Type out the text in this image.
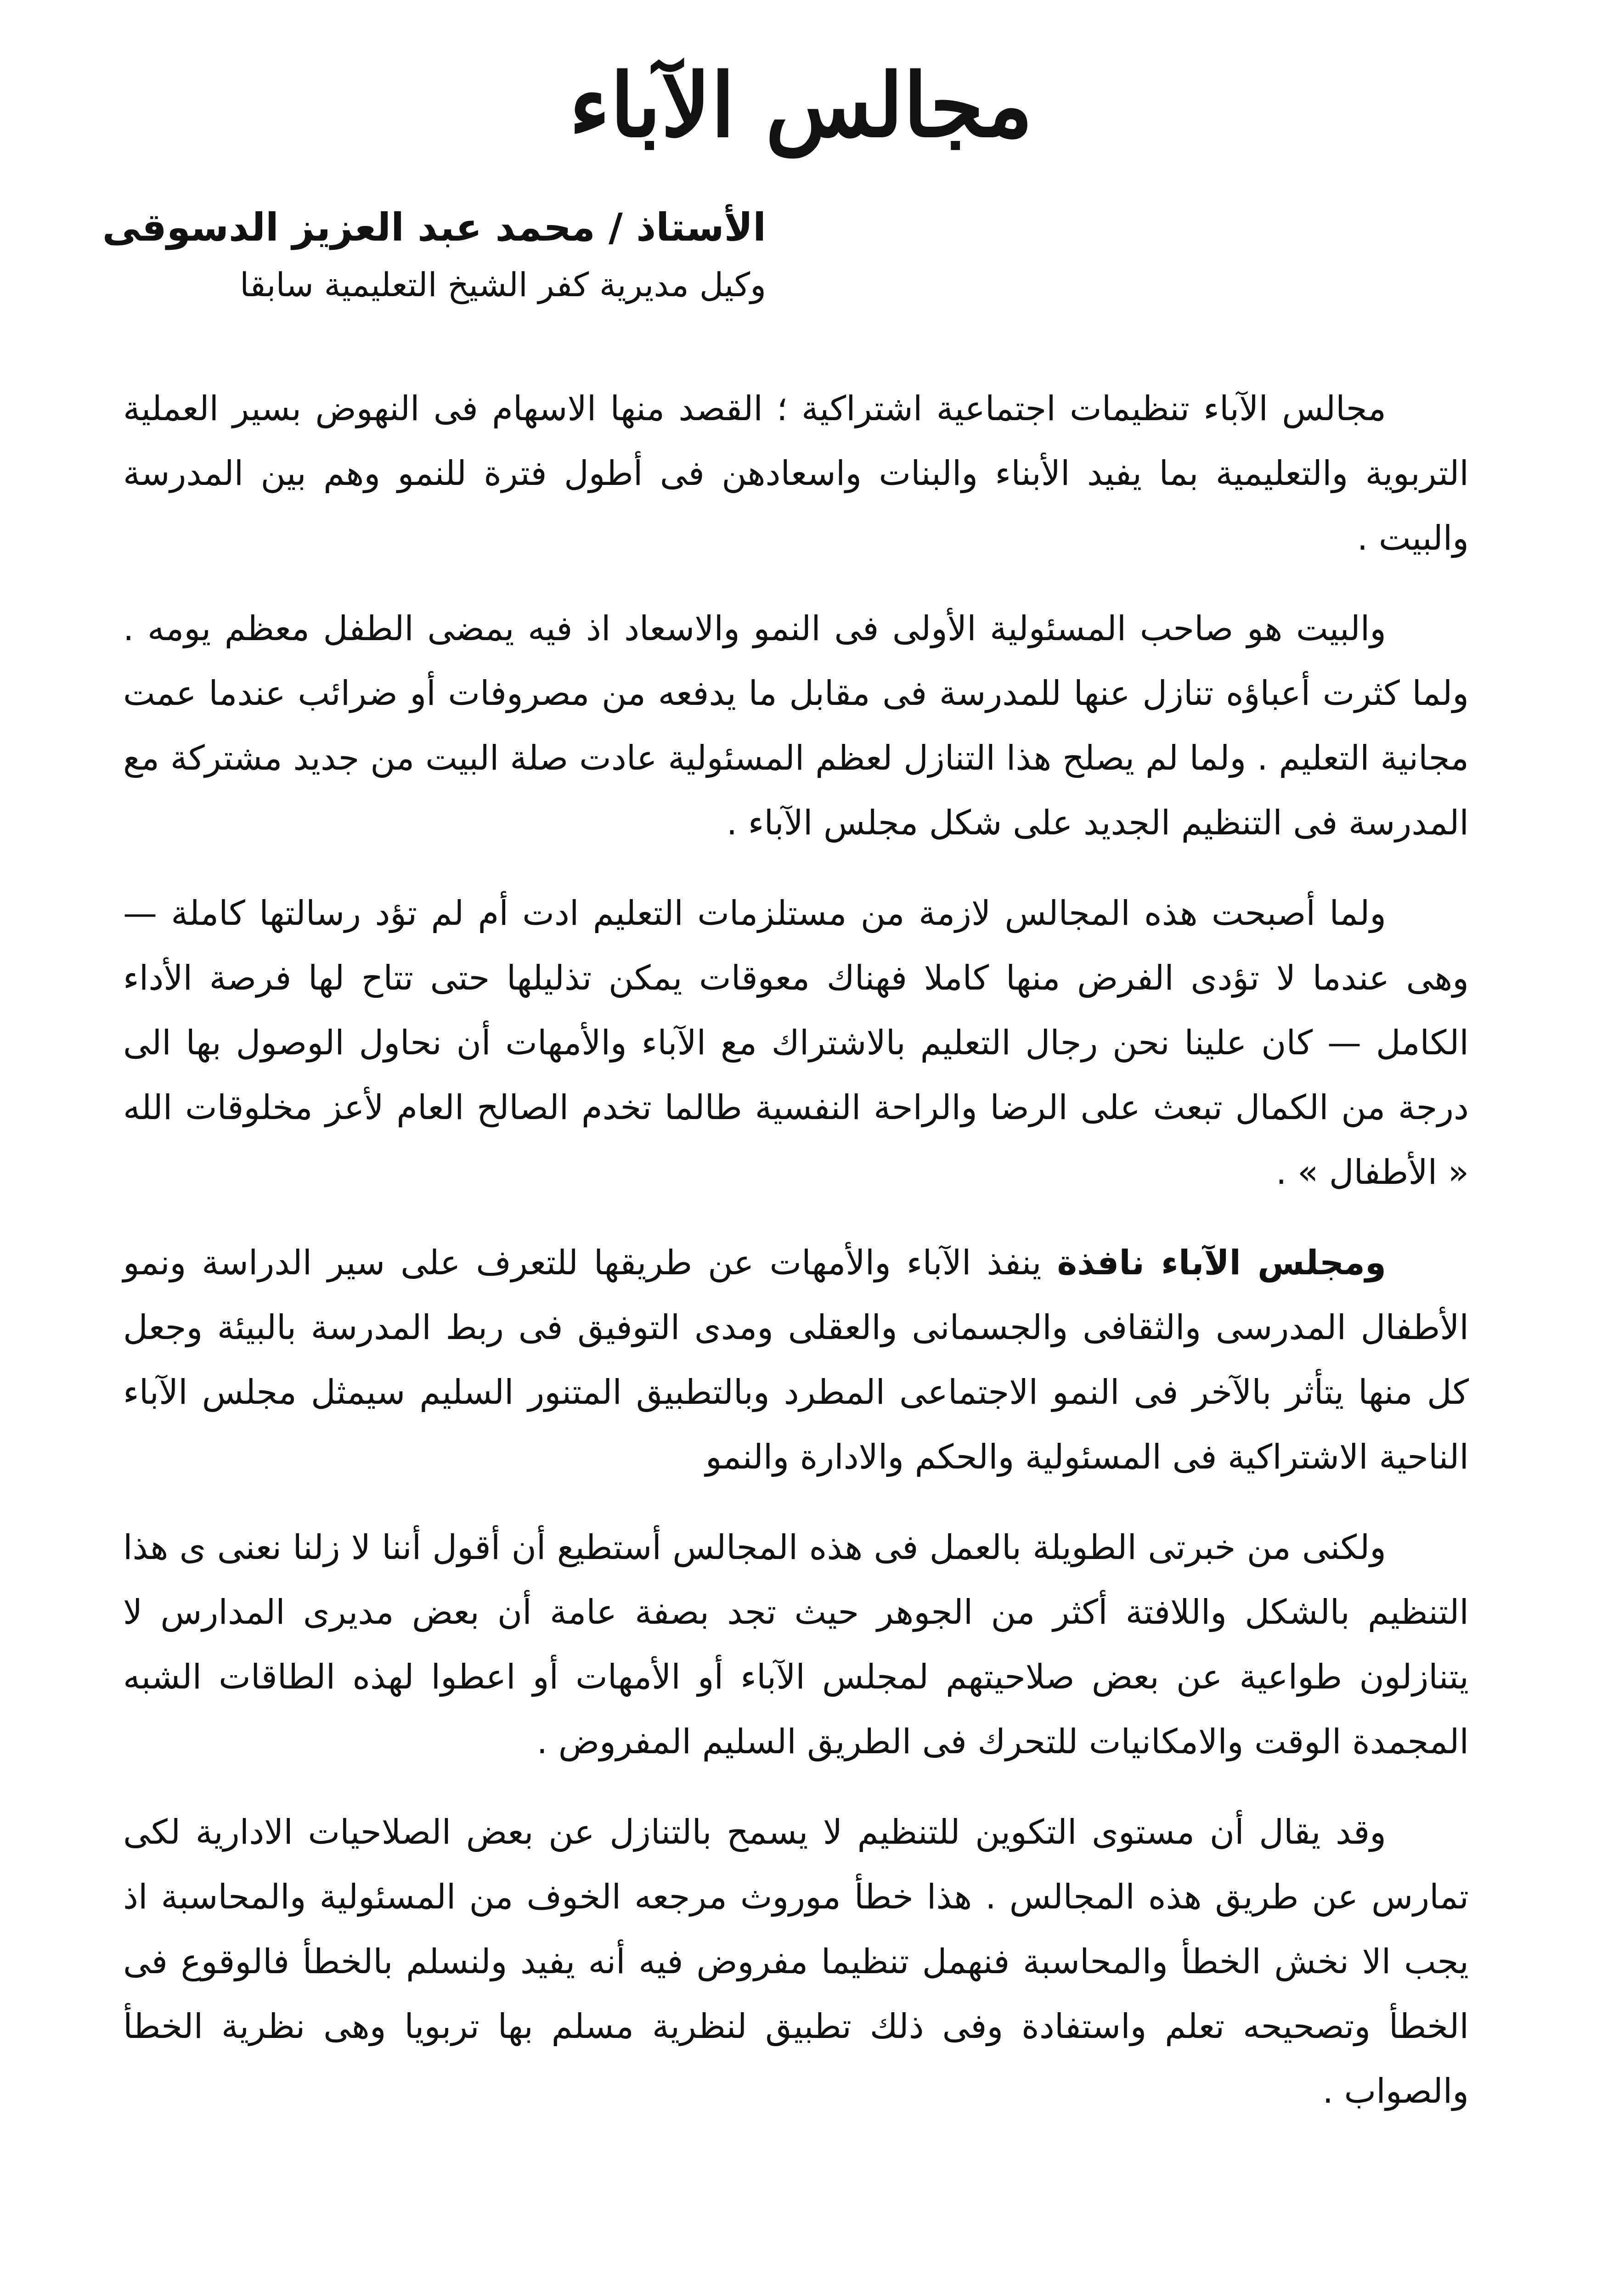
مجالس الآباء

الأستاذ / محمد عبد العزيز الدسوقى

وكيل مديرية كفر الشيخ التعليمية سابقا

مجالس الآباء تنظيمات اجتماعية اشتراكية ؛ القصد منها الاسهام فى النهوض بسير العملية التربوية والتعليمية بما يفيد الأبناء والبنات واسعادهن فى أطول فترة للنمو وهم بين المدرسة والبيت .

والبيت هو صاحب المسئولية الأولى فى النمو والاسعاد اذ فيه يمضى الطفل معظم يومه . ولما كثرت أعباؤه تنازل عنها للمدرسة فى مقابل ما يدفعه من مصروفات أو ضرائب عندما عمت مجانية التعليم . ولما لم يصلح هذا التنازل لعظم المسئولية عادت صلة البيت من جديد مشتركة مع المدرسة فى التنظيم الجديد على شكل مجلس الآباء .

ولما أصبحت هذه المجالس لازمة من مستلزمات التعليم ادت أم لم تؤد رسالتها كاملة — وهى عندما لا تؤدى الفرض منها كاملا فهناك معوقات يمكن تذليلها حتى تتاح لها فرصة الأداء الكامل — كان علينا نحن رجال التعليم بالاشتراك مع الآباء والأمهات أن نحاول الوصول بها الى درجة من الكمال تبعث على الرضا والراحة النفسية طالما تخدم الصالح العام لأعز مخلوقات الله « الأطفال » .

ومجلس الآباء نافذة ينفذ الآباء والأمهات عن طريقها للتعرف على سير الدراسة ونمو الأطفال المدرسى والثقافى والجسمانى والعقلى ومدى التوفيق فى ربط المدرسة بالبيئة وجعل كل منها يتأثر بالآخر فى النمو الاجتماعى المطرد وبالتطبيق المتنور السليم سيمثل مجلس الآباء الناحية الاشتراكية فى المسئولية والحكم والادارة والنمو

ولكنى من خبرتى الطويلة بالعمل فى هذه المجالس أستطيع أن أقول أننا لا زلنا نعنى ى هذا التنظيم بالشكل واللافتة أكثر من الجوهر حيث تجد بصفة عامة أن بعض مديرى المدارس لا يتنازلون طواعية عن بعض صلاحيتهم لمجلس الآباء أو الأمهات أو اعطوا لهذه الطاقات الشبه المجمدة الوقت والامكانيات للتحرك فى الطريق السليم المفروض .

وقد يقال أن مستوى التكوين للتنظيم لا يسمح بالتنازل عن بعض الصلاحيات الادارية لكى تمارس عن طريق هذه المجالس . هذا خطأ موروث مرجعه الخوف من المسئولية والمحاسبة اذ يجب الا نخش الخطأ والمحاسبة فنهمل تنظيما مفروض فيه أنه يفيد ولنسلم بالخطأ فالوقوع فى الخطأ وتصحيحه تعلم واستفادة وفى ذلك تطبيق لنظرية مسلم بها تربويا وهى نظرية الخطأ والصواب .
